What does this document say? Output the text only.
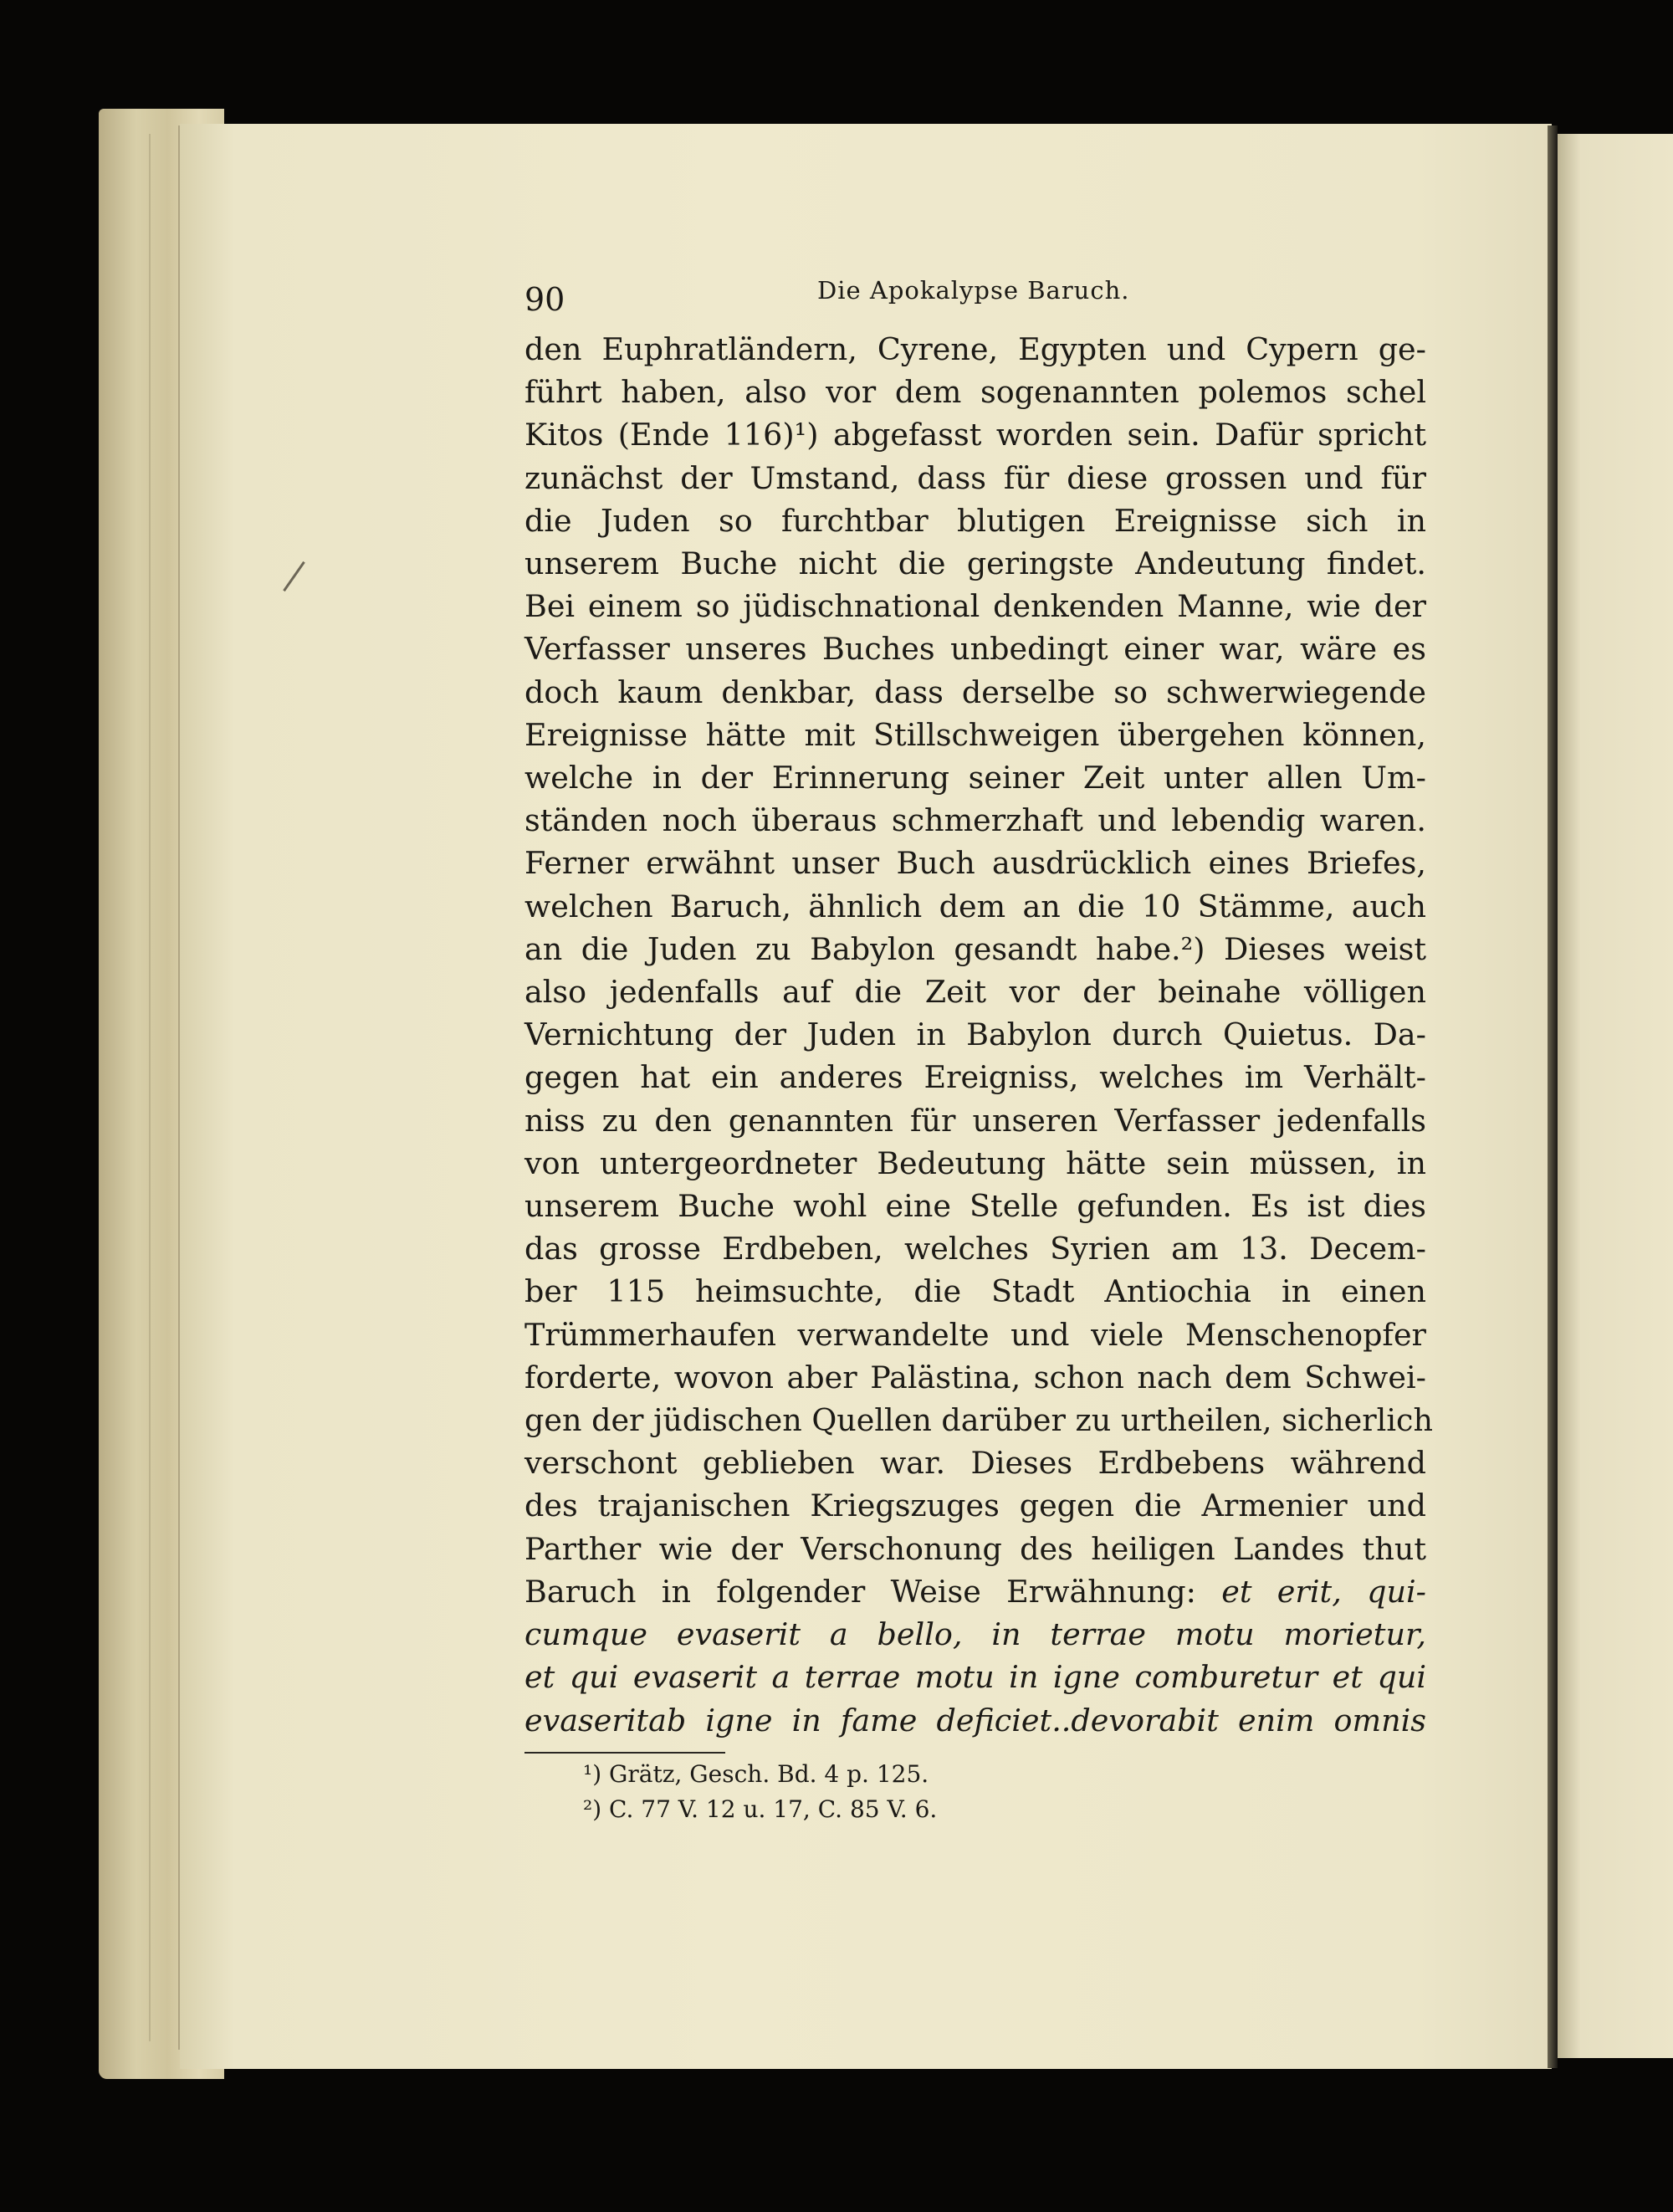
90	Die Apokalypse Baruch.
den Euphratländern, Cyrene, Egypten und Cypern ge-
führt haben, also vor dem sogenannten polemos schel
Kitos (Ende 116)¹) abgefasst worden sein. Dafür spricht
zunächst der Umstand, dass für diese grossen und für
die Juden so furchtbar blutigen Ereignisse sich in
unserem Buche nicht die geringste Andeutung findet.
Bei einem so jüdischnational denkenden Manne, wie der
Verfasser unseres Buches unbedingt einer war, wäre es
doch kaum denkbar, dass derselbe so schwerwiegende
Ereignisse hätte mit Stillschweigen übergehen können,
welche in der Erinnerung seiner Zeit unter allen Um-
ständen noch überaus schmerzhaft und lebendig waren.
Ferner erwähnt unser Buch ausdrücklich eines Briefes,
welchen Baruch, ähnlich dem an die 10 Stämme, auch
an die Juden zu Babylon gesandt habe.²) Dieses weist
also jedenfalls auf die Zeit vor der beinahe völligen
Vernichtung der Juden in Babylon durch Quietus. Da-
gegen hat ein anderes Ereigniss, welches im Verhält-
niss zu den genannten für unseren Verfasser jedenfalls
von untergeordneter Bedeutung hätte sein müssen, in
unserem Buche wohl eine Stelle gefunden. Es ist dies
das grosse Erdbeben, welches Syrien am 13. Decem-
ber 115 heimsuchte, die Stadt Antiochia in einen
Trümmerhaufen verwandelte und viele Menschenopfer
forderte, wovon aber Palästina, schon nach dem Schwei-
gen der jüdischen Quellen darüber zu urtheilen, sicherlich
verschont geblieben war. Dieses Erdbebens während
des trajanischen Kriegszuges gegen die Armenier und
Parther wie der Verschonung des heiligen Landes thut
Baruch in folgender Weise Erwähnung: et erit, qui-
cumque evaserit a bello, in terrae motu morietur,
et qui evaserit a terrae motu in igne comburetur et qui
evaseritab igne in fame deficiet..devorabit enim omnis
¹) Grätz, Gesch. Bd. 4 p. 125.
²) C. 77 V. 12 u. 17, C. 85 V. 6.
